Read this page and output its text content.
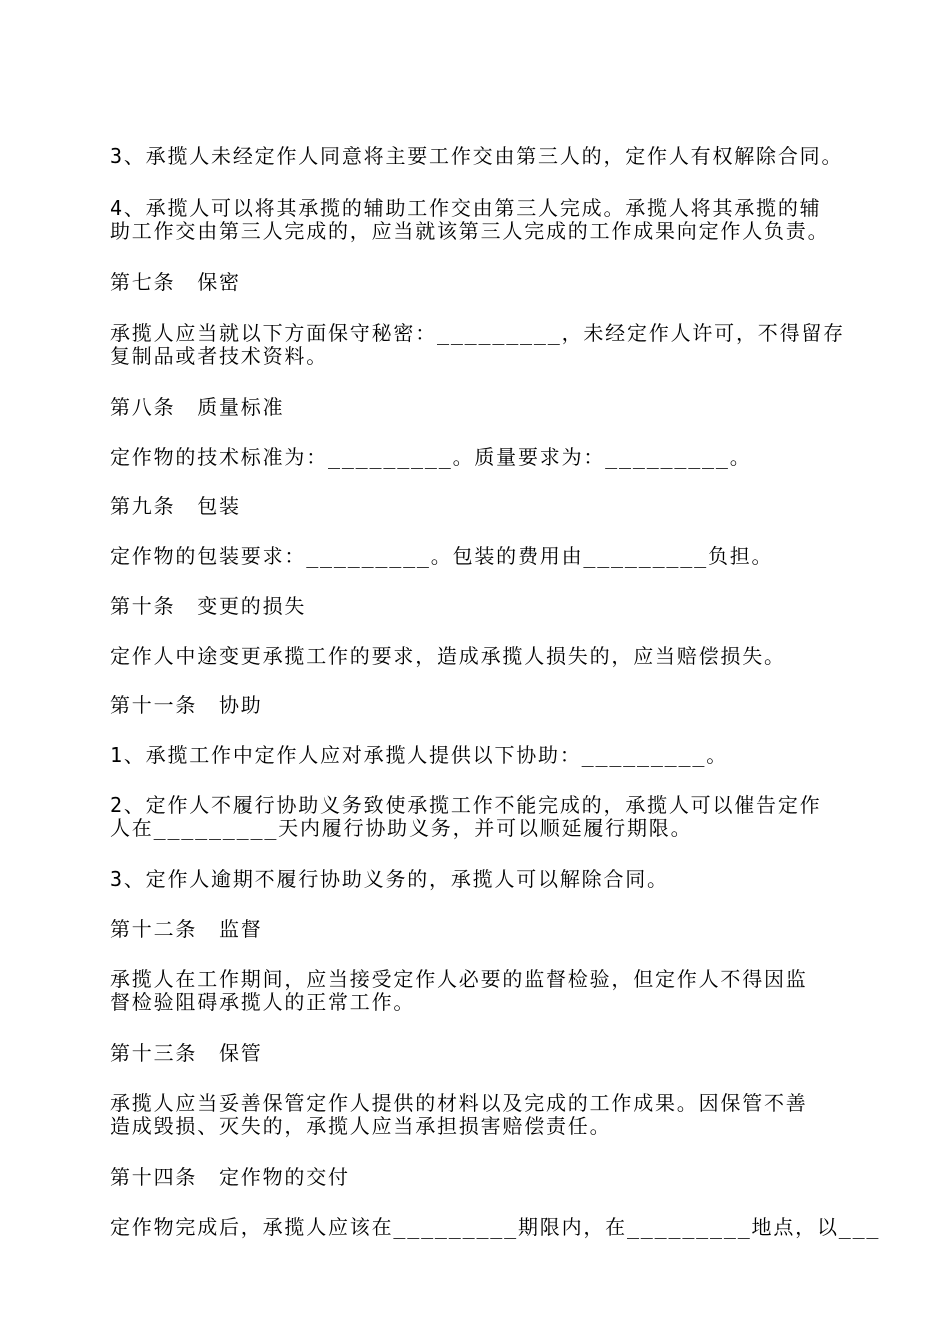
3、承揽人未经定作人同意将主要工作交由第三人的，定作人有权解除合同。
4、承揽人可以将其承揽的辅助工作交由第三人完成。承揽人将其承揽的辅
助工作交由第三人完成的，应当就该第三人完成的工作成果向定作人负责。
第七条　保密
承揽人应当就以下方面保守秘密：_________，未经定作人许可，不得留存
复制品或者技术资料。
第八条　质量标准
定作物的技术标准为：_________。质量要求为：_________。
第九条　包装
定作物的包装要求：_________。包装的费用由_________负担。
第十条　变更的损失
定作人中途变更承揽工作的要求，造成承揽人损失的，应当赔偿损失。
第十一条　协助
1、承揽工作中定作人应对承揽人提供以下协助：_________。
2、定作人不履行协助义务致使承揽工作不能完成的，承揽人可以催告定作
人在_________天内履行协助义务，并可以顺延履行期限。
3、定作人逾期不履行协助义务的，承揽人可以解除合同。
第十二条　监督
承揽人在工作期间，应当接受定作人必要的监督检验，但定作人不得因监
督检验阻碍承揽人的正常工作。
第十三条　保管
承揽人应当妥善保管定作人提供的材料以及完成的工作成果。因保管不善
造成毁损、灭失的，承揽人应当承担损害赔偿责任。
第十四条　定作物的交付
定作物完成后，承揽人应该在_________期限内，在_________地点，以___
